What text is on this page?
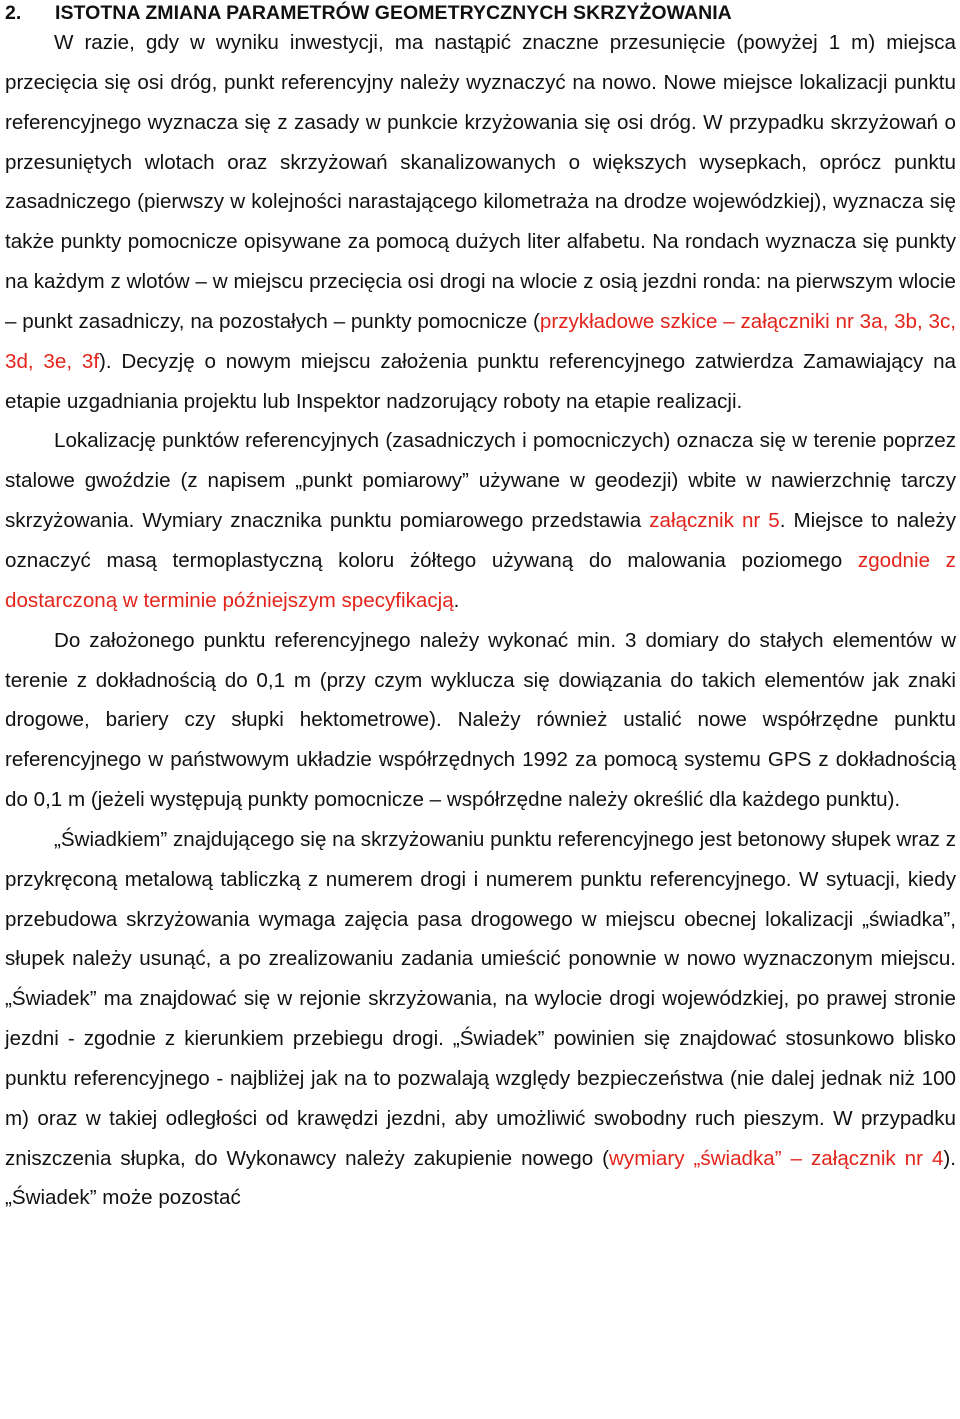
2. ISTOTNA ZMIANA PARAMETRÓW GEOMETRYCZNYCH SKRZYŻOWANIA

W razie, gdy w wyniku inwestycji, ma nastąpić znaczne przesunięcie (powyżej 1 m) miejsca przecięcia się osi dróg, punkt referencyjny należy wyznaczyć na nowo. Nowe miejsce lokalizacji punktu referencyjnego wyznacza się z zasady w punkcie krzyżowania się osi dróg. W przypadku skrzyżowań o przesuniętych wlotach oraz skrzyżowań skanalizowanych o większych wysepkach, oprócz punktu zasadniczego (pierwszy w kolejności narastającego kilometraża na drodze wojewódzkiej), wyznacza się także punkty pomocnicze opisywane za pomocą dużych liter alfabetu. Na rondach wyznacza się punkty na każdym z wlotów – w miejscu przecięcia osi drogi na wlocie z osią jezdni ronda: na pierwszym wlocie – punkt zasadniczy, na pozostałych – punkty pomocnicze (przykładowe szkice – załączniki nr 3a, 3b, 3c, 3d, 3e, 3f). Decyzję o nowym miejscu założenia punktu referencyjnego zatwierdza Zamawiający na etapie uzgadniania projektu lub Inspektor nadzorujący roboty na etapie realizacji.

Lokalizację punktów referencyjnych (zasadniczych i pomocniczych) oznacza się w terenie poprzez stalowe gwoździe (z napisem „punkt pomiarowy” używane w geodezji) wbite w nawierzchnię tarczy skrzyżowania. Wymiary znacznika punktu pomiarowego przedstawia załącznik nr 5. Miejsce to należy oznaczyć masą termoplastyczną koloru żółtego używaną do malowania poziomego zgodnie z dostarczoną w terminie późniejszym specyfikacją.

Do założonego punktu referencyjnego należy wykonać min. 3 domiary do stałych elementów w terenie z dokładnością do 0,1 m (przy czym wyklucza się dowiązania do takich elementów jak znaki drogowe, bariery czy słupki hektometrowe). Należy również ustalić nowe współrzędne punktu referencyjnego w państwowym układzie współrzędnych 1992 za pomocą systemu GPS z dokładnością do 0,1 m (jeżeli występują punkty pomocnicze – współrzędne należy określić dla każdego punktu).

„Świadkiem” znajdującego się na skrzyżowaniu punktu referencyjnego jest betonowy słupek wraz z przykręconą metalową tabliczką z numerem drogi i numerem punktu referencyjnego. W sytuacji, kiedy przebudowa skrzyżowania wymaga zajęcia pasa drogowego w miejscu obecnej lokalizacji „świadka”, słupek należy usunąć, a po zrealizowaniu zadania umieścić ponownie w nowo wyznaczonym miejscu. „Świadek” ma znajdować się w rejonie skrzyżowania, na wylocie drogi wojewódzkiej, po prawej stronie jezdni - zgodnie z kierunkiem przebiegu drogi. „Świadek” powinien się znajdować stosunkowo blisko punktu referencyjnego - najbliżej jak na to pozwalają względy bezpieczeństwa (nie dalej jednak niż 100 m) oraz w takiej odległości od krawędzi jezdni, aby umożliwić swobodny ruch pieszym. W przypadku zniszczenia słupka, do Wykonawcy należy zakupienie nowego (wymiary „świadka” – załącznik nr 4). „Świadek” może pozostać
